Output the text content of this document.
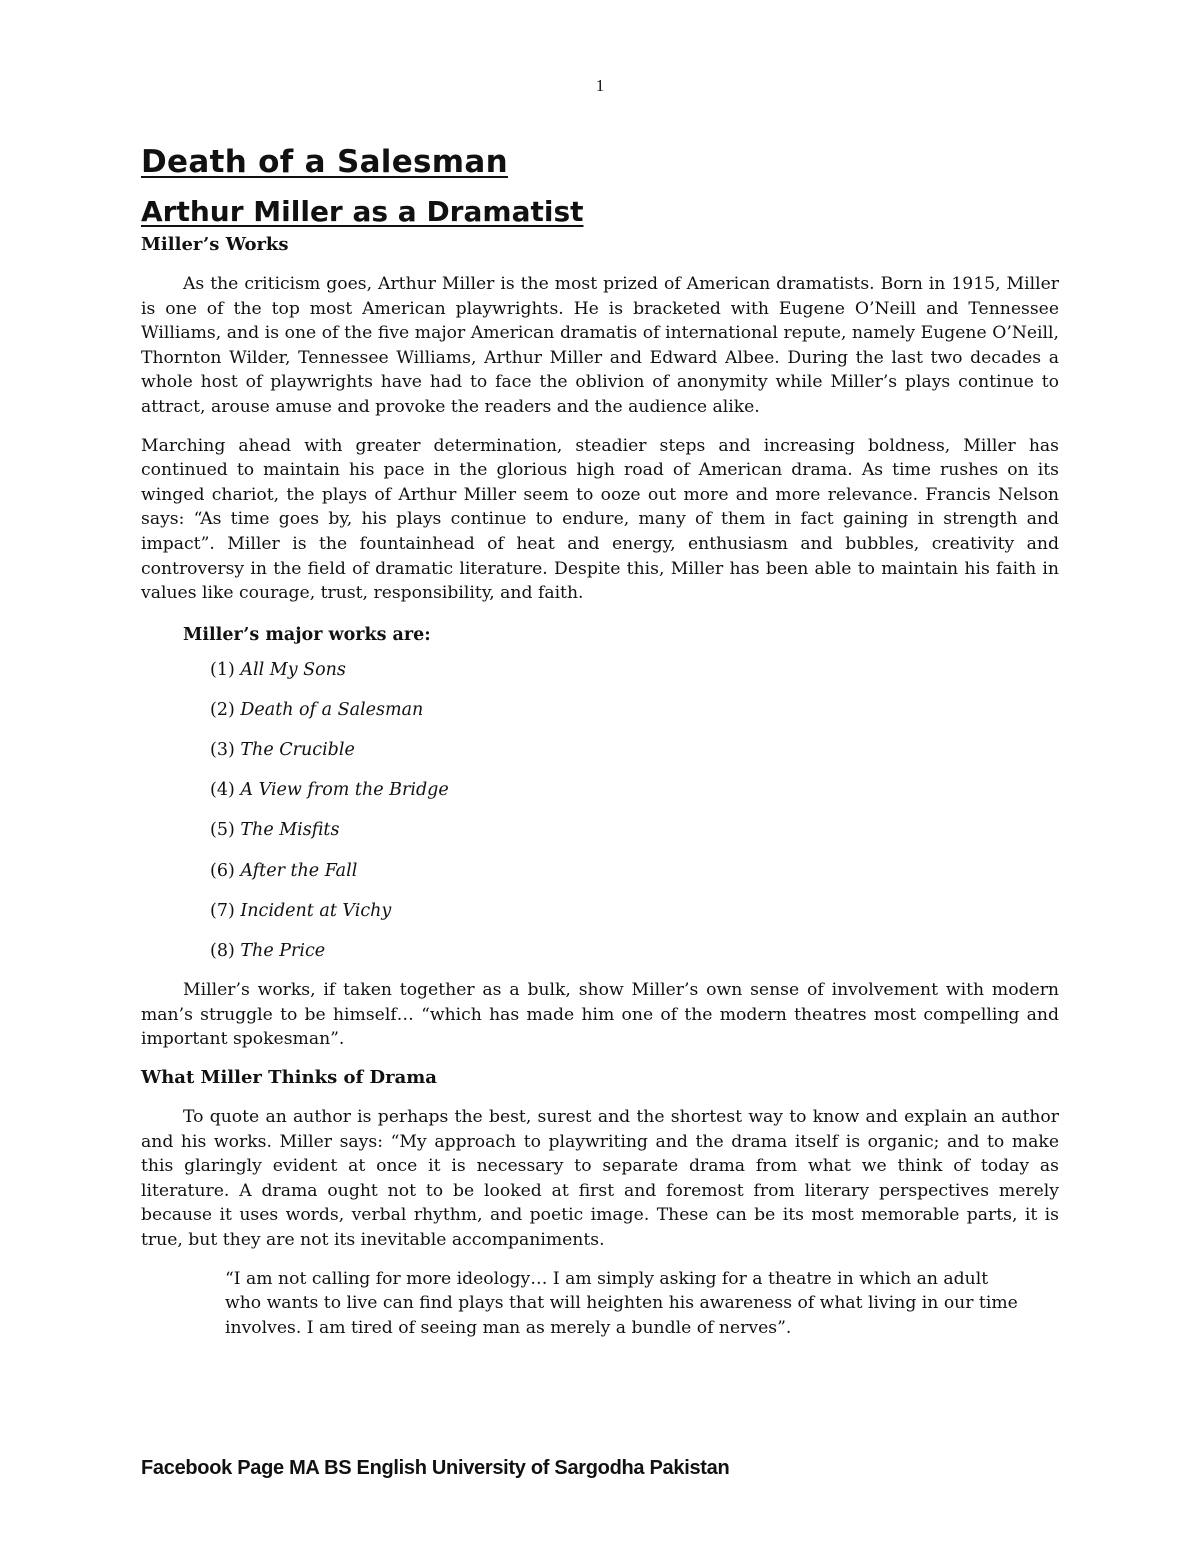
1
Death of a Salesman
Arthur Miller as a Dramatist
Miller’s Works

As the criticism goes, Arthur Miller is the most prized of American dramatists. Born in 1915, Miller is one of the top most American playwrights. He is bracketed with Eugene O’Neill and Tennessee Williams, and is one of the five major American dramatis of international repute, namely Eugene O’Neill, Thornton Wilder, Tennessee Williams, Arthur Miller and Edward Albee. During the last two decades a whole host of playwrights have had to face the oblivion of anonymity while Miller’s plays continue to attract, arouse amuse and provoke the readers and the audience alike.

Marching ahead with greater determination, steadier steps and increasing boldness, Miller has continued to maintain his pace in the glorious high road of American drama. As time rushes on its winged chariot, the plays of Arthur Miller seem to ooze out more and more relevance. Francis Nelson says: “As time goes by, his plays continue to endure, many of them in fact gaining in strength and impact”. Miller is the fountainhead of heat and energy, enthusiasm and bubbles, creativity and controversy in the field of dramatic literature. Despite this, Miller has been able to maintain his faith in values like courage, trust, responsibility, and faith.

Miller’s major works are:
(1) All My Sons
(2) Death of a Salesman
(3) The Crucible
(4) A View from the Bridge
(5) The Misfits
(6) After the Fall
(7) Incident at Vichy
(8) The Price

Miller’s works, if taken together as a bulk, show Miller’s own sense of involvement with modern man’s struggle to be himself… “which has made him one of the modern theatres most compelling and important spokesman”.

What Miller Thinks of Drama

To quote an author is perhaps the best, surest and the shortest way to know and explain an author and his works. Miller says: “My approach to playwriting and the drama itself is organic; and to make this glaringly evident at once it is necessary to separate drama from what we think of today as literature. A drama ought not to be looked at first and foremost from literary perspectives merely because it uses words, verbal rhythm, and poetic image. These can be its most memorable parts, it is true, but they are not its inevitable accompaniments.

“I am not calling for more ideology… I am simply asking for a theatre in which an adult who wants to live can find plays that will heighten his awareness of what living in our time involves. I am tired of seeing man as merely a bundle of nerves”.
Facebook Page MA BS English University of Sargodha Pakistan
